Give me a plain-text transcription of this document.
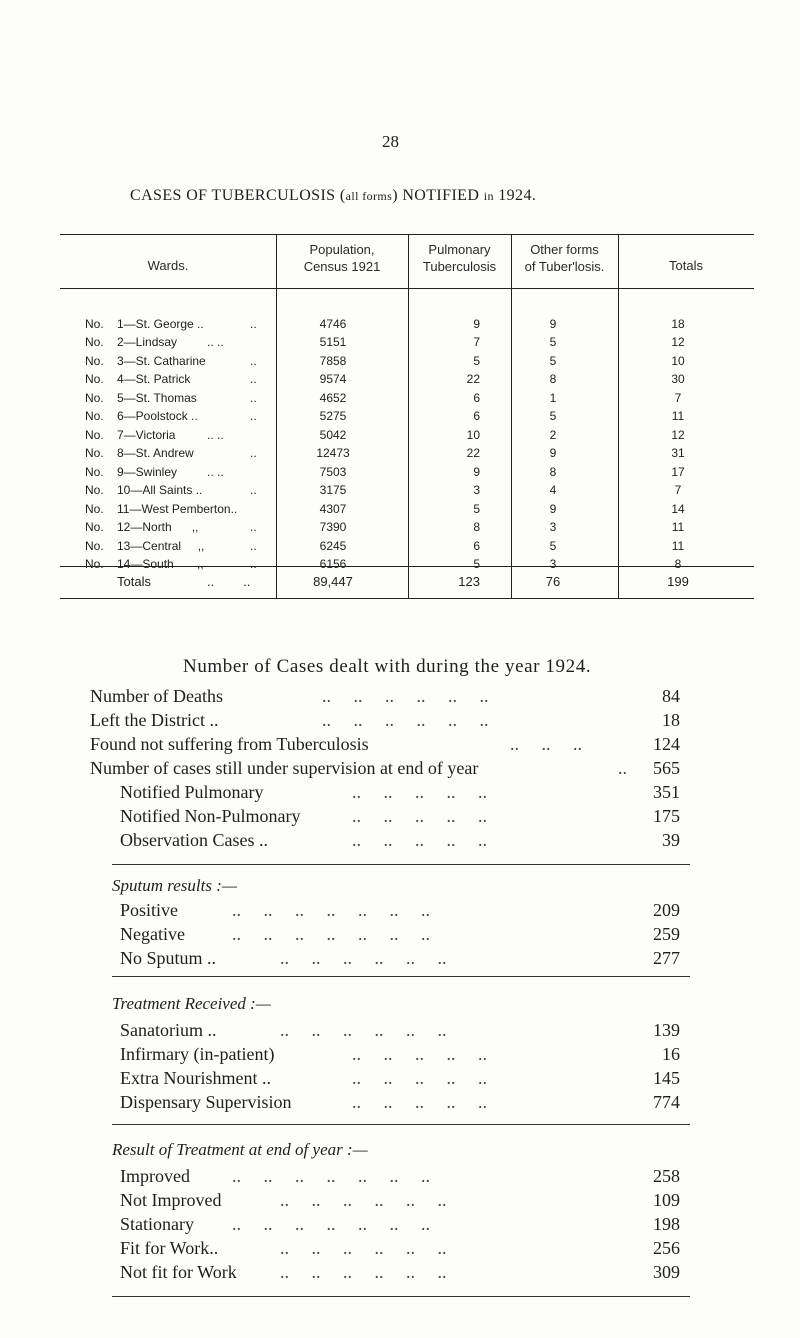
28
CASES OF TUBERCULOSIS (all forms) NOTIFIED in 1924.
Wards.
Population,
Census 1921
Pulmonary
Tuberculosis
Other forms
of Tuber'losis.	Totals
No. 1—St. George ..	..	4746	9	9	18
No. 2—Lindsay .. ..	5151	7	5	12
No. 3—St. Catharine	..	7858	5	5	10
No. 4—St. Patrick	..	9574	22	8	30
No. 5—St. Thomas	..	4652	6	1	7
No. 6—Poolstock ..	..	5275	6	5	11
No. 7—Victoria	.. ..	5042	10	2	12
No. 8—St. Andrew	..	12473	22	9	31
No. 9—Swinley .. ..	7503	9	8	17
No. 10—All Saints ..	..	3175	3	4	7
No. 11—West Pemberton..	4307	5	9	14
No. 12—North      ,,	..	7390	8	3	11
No. 13—Central     ,,	..	6245	6	5	11
No. 14—South       ,,	..	6156	5	3	8
Totals	..        ..	89,447	123	76	199
Number of Cases dealt with during the year 1924.
Number of Deaths	84
..     ..     ..     ..     ..     ..
Left the District ..	18
..     ..     ..     ..     ..     ..
Found not suffering from Tuberculosis	124
..     ..     ..
Number of cases still under supervision at end of year	565
..
Notified Pulmonary	351
..     ..     ..     ..     ..
Notified Non-Pulmonary	175
..     ..     ..     ..     ..
Observation Cases ..	39
..     ..     ..     ..     ..
Sputum results :—
Positive	..     ..     ..     ..     ..     ..     ..	209
Negative	..     ..     ..     ..     ..     ..     ..	259
No Sputum ..	..     ..     ..     ..     ..     ..	277
Treatment Received :—
Sanatorium ..	..     ..     ..     ..     ..     ..	139
Infirmary (in-patient)	..     ..     ..     ..     ..	16
Extra Nourishment ..	..     ..     ..     ..     ..	145
Dispensary Supervision	..     ..     ..     ..     ..	774
Result of Treatment at end of year :—
Improved ..     ..     ..     ..     ..     ..     ..	258
Not Improved	..     ..     ..     ..     ..     ..	109
Stationary ..     ..     ..     ..     ..     ..     ..	198
Fit for Work..	..     ..     ..     ..     ..     ..	256
Not fit for Work ..     ..     ..     ..     ..     ..	309
